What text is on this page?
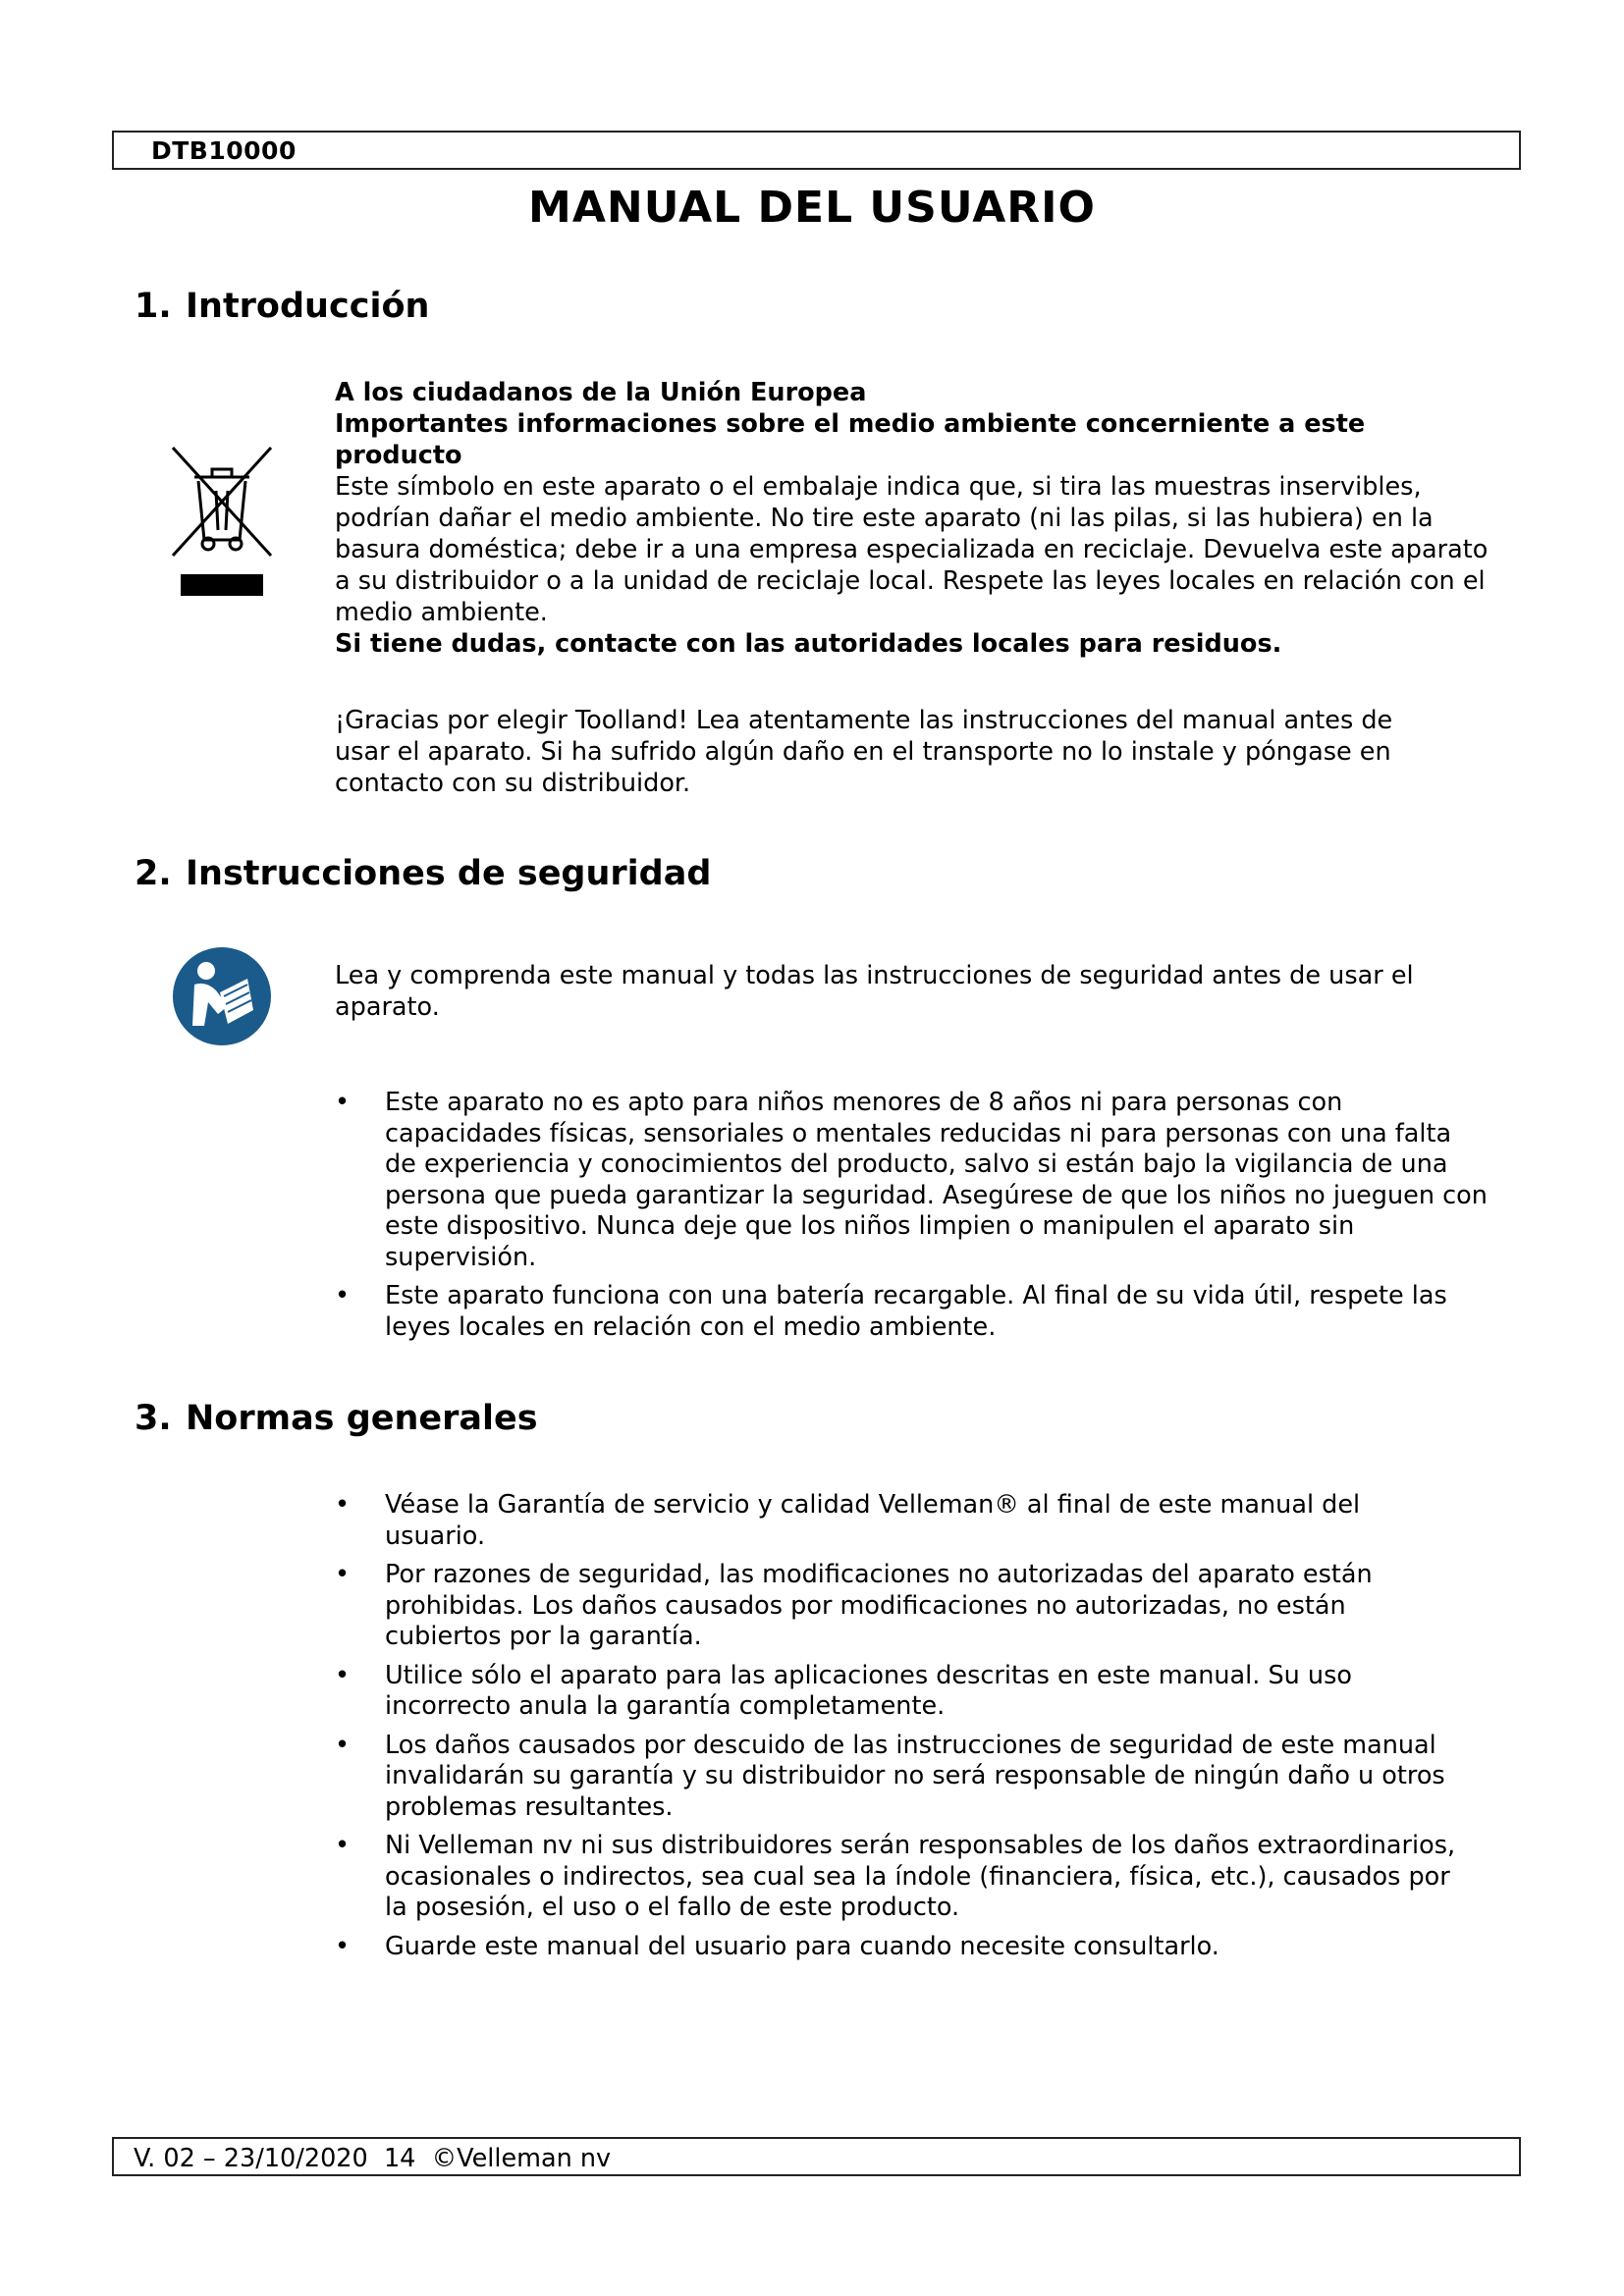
DTB10000
MANUAL DEL USUARIO
1. Introducción

A los ciudadanos de la Unión Europea

Importantes informaciones sobre el medio ambiente concerniente a este producto

Este símbolo en este aparato o el embalaje indica que, si tira las muestras inservibles, podrían dañar el medio ambiente. No tire este aparato (ni las pilas, si las hubiera) en la basura doméstica; debe ir a una empresa especializada en reciclaje. Devuelva este aparato a su distribuidor o a la unidad de reciclaje local. Respete las leyes locales en relación con el medio ambiente.

Si tiene dudas, contacte con las autoridades locales para residuos.

¡Gracias por elegir Toolland! Lea atentamente las instrucciones del manual antes de usar el aparato. Si ha sufrido algún daño en el transporte no lo instale y póngase en contacto con su distribuidor.

2. Instrucciones de seguridad

Lea y comprenda este manual y todas las instrucciones de seguridad antes de usar el aparato.

• Este aparato no es apto para niños menores de 8 años ni para personas con capacidades físicas, sensoriales o mentales reducidas ni para personas con una falta de experiencia y conocimientos del producto, salvo si están bajo la vigilancia de una persona que pueda garantizar la seguridad. Asegúrese de que los niños no jueguen con este dispositivo. Nunca deje que los niños limpien o manipulen el aparato sin supervisión.
• Este aparato funciona con una batería recargable. Al final de su vida útil, respete las leyes locales en relación con el medio ambiente.
3. Normas generales
• Véase la Garantía de servicio y calidad Velleman® al final de este manual del usuario.
• Por razones de seguridad, las modificaciones no autorizadas del aparato están prohibidas. Los daños causados por modificaciones no autorizadas, no están cubiertos por la garantía.
• Utilice sólo el aparato para las aplicaciones descritas en este manual. Su uso incorrecto anula la garantía completamente.
• Los daños causados por descuido de las instrucciones de seguridad de este manual invalidarán su garantía y su distribuidor no será responsable de ningún daño u otros problemas resultantes.
• Ni Velleman nv ni sus distribuidores serán responsables de los daños extraordinarios, ocasionales o indirectos, sea cual sea la índole (financiera, física, etc.), causados por la posesión, el uso o el fallo de este producto.
• Guarde este manual del usuario para cuando necesite consultarlo.
V. 02 – 23/10/2020  14  ©Velleman nv
